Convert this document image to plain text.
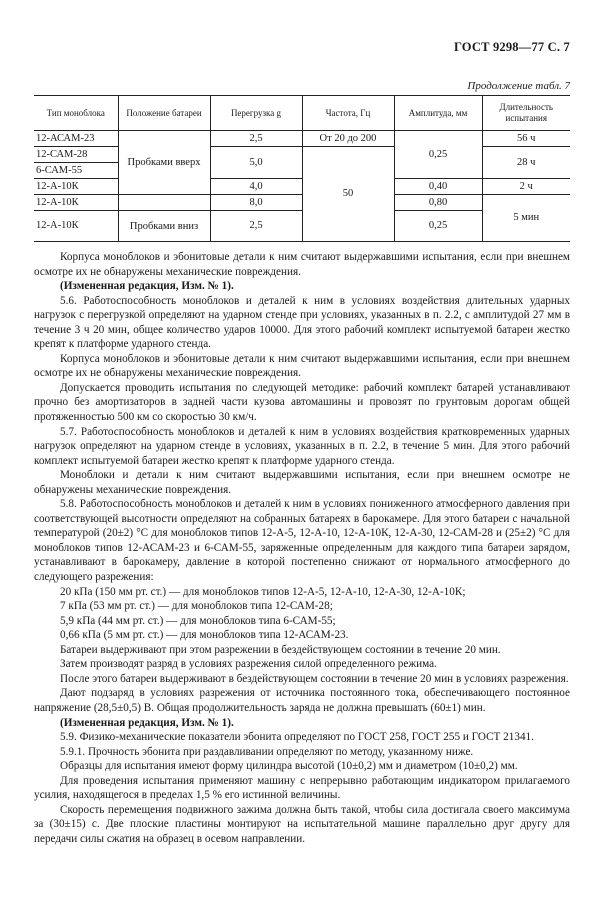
ГОСТ 9298—77 С. 7
Продолжение табл. 7
Тип моноблока	Положение батареи	Перегрузка g	Частота, Гц	Амплитуда, мм	Длительность испытания
12-АСАМ-23	Пробками вверх	2,5	От 20 до 200	0,25	56 ч
12-САМ-28		5,0	50		28 ч
6-САМ-55					
12-А-10К		4,0		0,40	2 ч
12-А-10К		8,0		0,80	5 мин
12-А-10К	Пробками вниз	2,5		0,25	

Корпуса моноблоков и эбонитовые детали к ним считают выдержавшими испытания, если при внешнем осмотре их не обнаружены механические повреждения.

(Измененная редакция, Изм. № 1).

5.6. Работоспособность моноблоков и деталей к ним в условиях воздействия длительных ударных нагрузок с перегрузкой определяют на ударном стенде при условиях, указанных в п. 2.2, с амплитудой 27 мм в течение 3 ч 20 мин, общее количество ударов 10000. Для этого рабочий комплект испытуемой батареи жестко крепят к платформе ударного стенда.

Корпуса моноблоков и эбонитовые детали к ним считают выдержавшими испытания, если при внешнем осмотре их не обнаружены механические повреждения.

Допускается проводить испытания по следующей методике: рабочий комплект батарей устанавливают прочно без амортизаторов в задней части кузова автомашины и провозят по грунтовым дорогам общей протяженностью 500 км со скоростью 30 км/ч.

5.7. Работоспособность моноблоков и деталей к ним в условиях воздействия кратковременных ударных нагрузок определяют на ударном стенде в условиях, указанных в п. 2.2, в течение 5 мин. Для этого рабочий комплект испытуемой батареи жестко крепят к платформе ударного стенда.

Моноблоки и детали к ним считают выдержавшими испытания, если при внешнем осмотре не обнаружены механические повреждения.

5.8. Работоспособность моноблоков и деталей к ним в условиях пониженного атмосферного давления при соответствующей высотности определяют на собранных батареях в барокамере. Для этого батареи с начальной температурой (20±2) °С для моноблоков типов 12-А-5, 12-А-10, 12-А-10К, 12-А-30, 12-САМ-28 и (25±2) °С для моноблоков типов 12-АСАМ-23 и 6-САМ-55, заряженные определенным для каждого типа батареи зарядом, устанавливают в барокамеру, давление в которой постепенно снижают от нормального атмосферного до следующего разрежения:

20 кПа (150 мм рт. ст.) — для моноблоков типов 12-А-5, 12-А-10, 12-А-30, 12-А-10К;

7 кПа (53 мм рт. ст.) — для моноблоков типа 12-САМ-28;

5,9 кПа (44 мм рт. ст.) — для моноблоков типа 6-САМ-55;

0,66 кПа (5 мм рт. ст.) — для моноблоков типа 12-АСАМ-23.

Батареи выдерживают при этом разрежении в бездействующем состоянии в течение 20 мин.

Затем производят разряд в условиях разрежения силой определенного режима.

После этого батареи выдерживают в бездействующем состоянии в течение 20 мин в условиях разрежения.

Дают подзаряд в условиях разрежения от источника постоянного тока, обеспечивающего постоянное напряжение (28,5±0,5) В. Общая продолжительность заряда не должна превышать (60±1) мин.

(Измененная редакция, Изм. № 1).

5.9. Физико-механические показатели эбонита определяют по ГОСТ 258, ГОСТ 255 и ГОСТ 21341.

5.9.1. Прочность эбонита при раздавливании определяют по методу, указанному ниже.

Образцы для испытания имеют форму цилиндра высотой (10±0,2) мм и диаметром (10±0,2) мм.

Для проведения испытания применяют машину с непрерывно работающим индикатором прилагаемого усилия, находящегося в пределах 1,5 % его истинной величины.

Скорость перемещения подвижного зажима должна быть такой, чтобы сила достигала своего максимума за (30±15) с. Две плоские пластины монтируют на испытательной машине параллельно друг другу для передачи силы сжатия на образец в осевом направлении.
